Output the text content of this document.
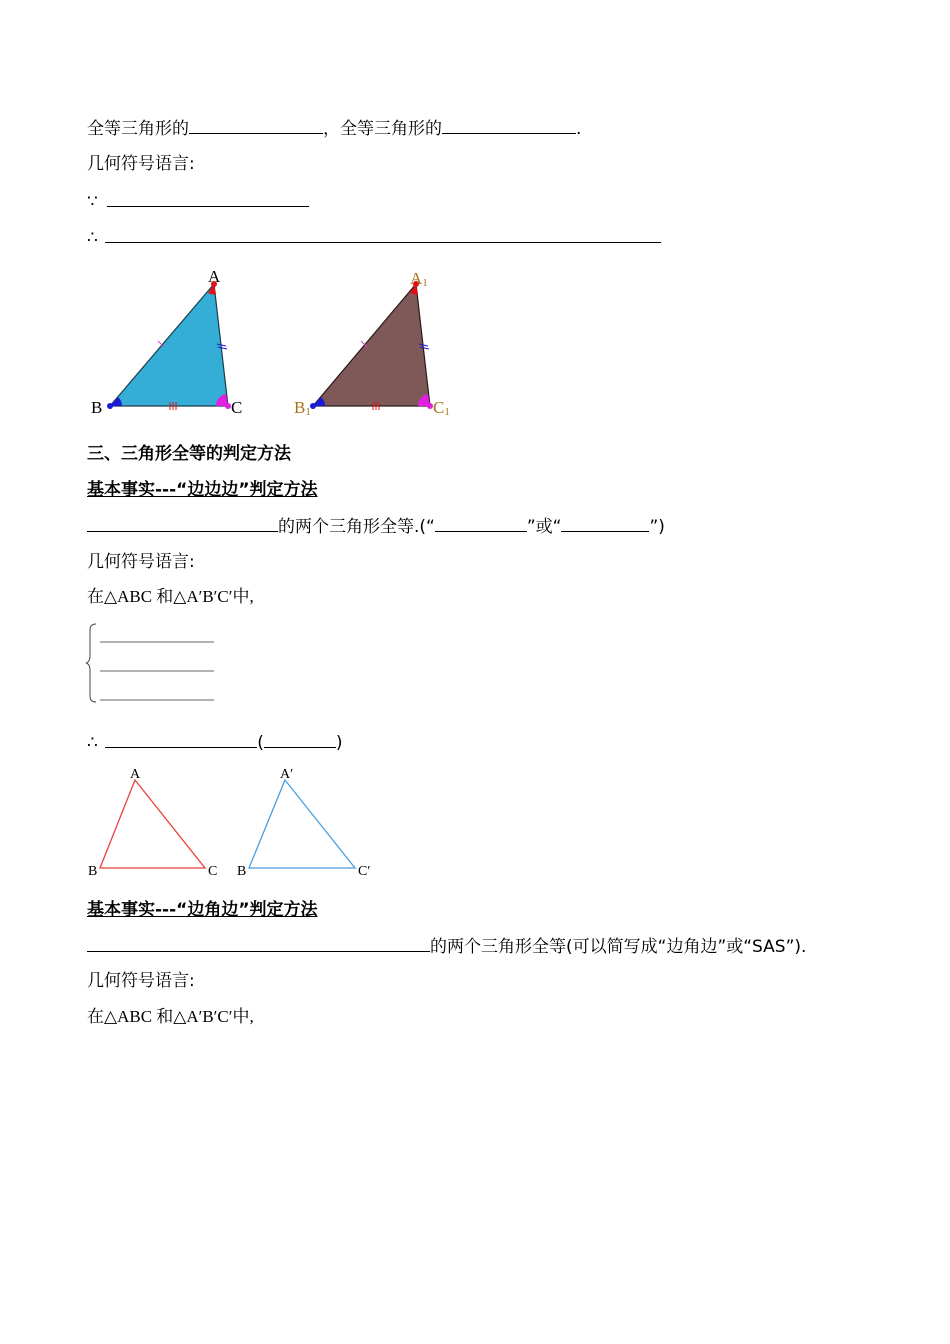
全等三角形的	，全等三角形的	.
几何符号语言:
∵
∴
A
B	C
A1
B1	C1
三、三角形全等的判定方法
基本事实---“边边边”判定方法
的两个三角形全等.(“	”或“	”)
几何符号语言:
在△ABC 和△A′B′C′中,
∴	(	)
A
B	C
A′
B	C′
基本事实---“边角边”判定方法
的两个三角形全等(可以简写成“边角边”或“SAS”).
几何符号语言:
在△ABC 和△A′B′C′中,
